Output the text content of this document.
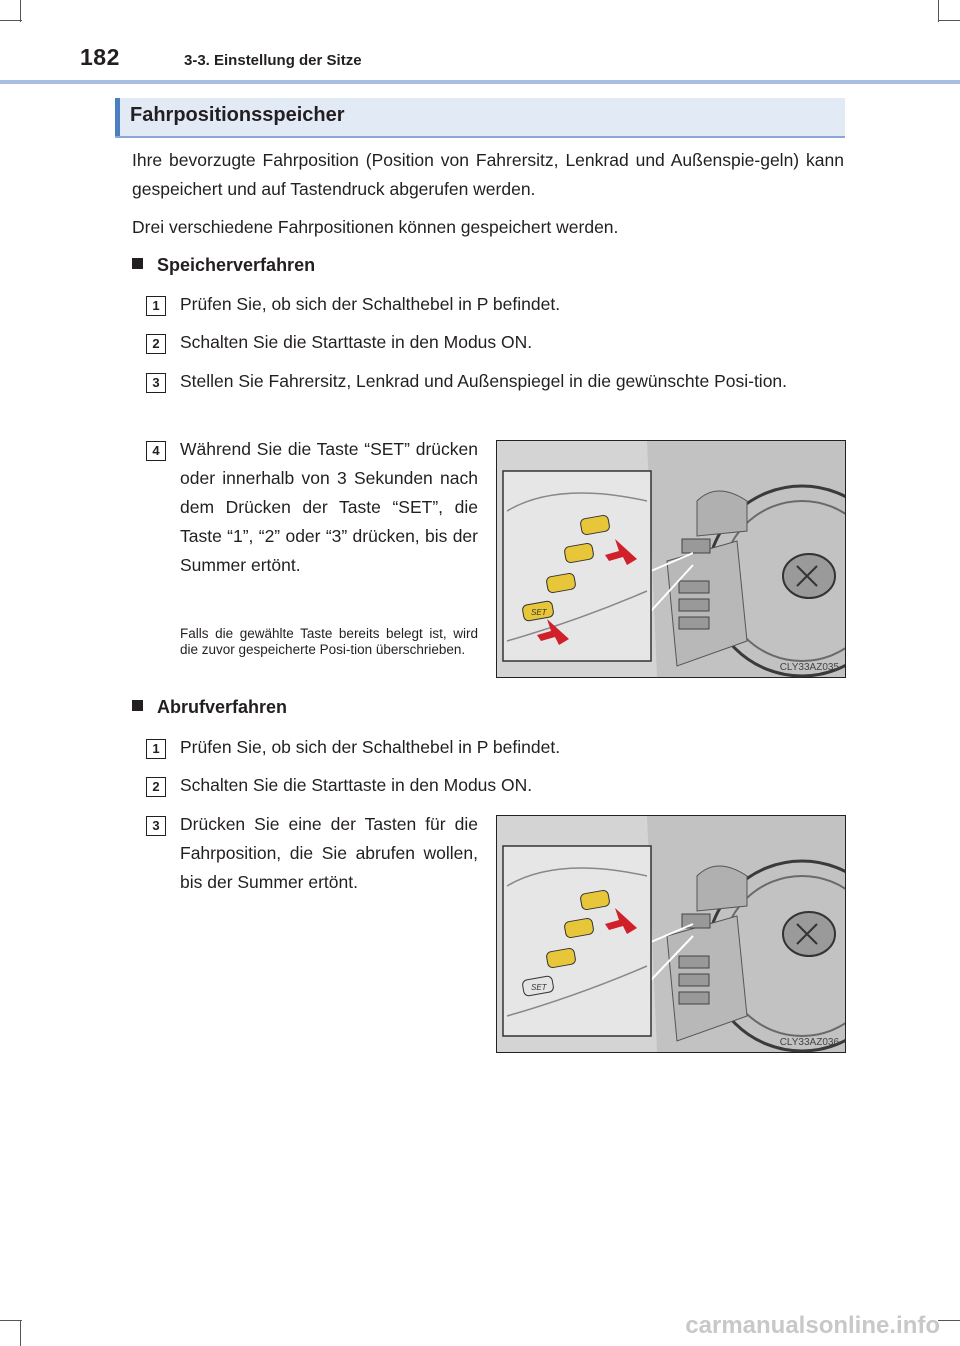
182	3-3. Einstellung der Sitze
Fahrpositionsspeicher
Ihre bevorzugte Fahrposition (Position von Fahrersitz, Lenkrad und Außenspie-geln) kann gespeichert und auf Tastendruck abgerufen werden.
Drei verschiedene Fahrpositionen können gespeichert werden.
Speicherverfahren
1	Prüfen Sie, ob sich der Schalthebel in P befindet.
2	Schalten Sie die Starttaste in den Modus ON.
3	Stellen Sie Fahrersitz, Lenkrad und Außenspiegel in die gewünschte Posi-tion.
4	Während Sie die Taste “SET” drücken oder innerhalb von 3 Sekunden nach dem Drücken der Taste “SET”, die Taste “1”, “2” oder “3” drücken, bis der Summer ertönt.
Falls die gewählte Taste bereits belegt ist, wird die zuvor gespeicherte Posi-tion überschrieben.
SET
CLY33AZ035
Abrufverfahren
1	Prüfen Sie, ob sich der Schalthebel in P befindet.
2	Schalten Sie die Starttaste in den Modus ON.
3	Drücken Sie eine der Tasten für die Fahrposition, die Sie abrufen wollen, bis der Summer ertönt.
SET
CLY33AZ036
carmanualsonline.info
